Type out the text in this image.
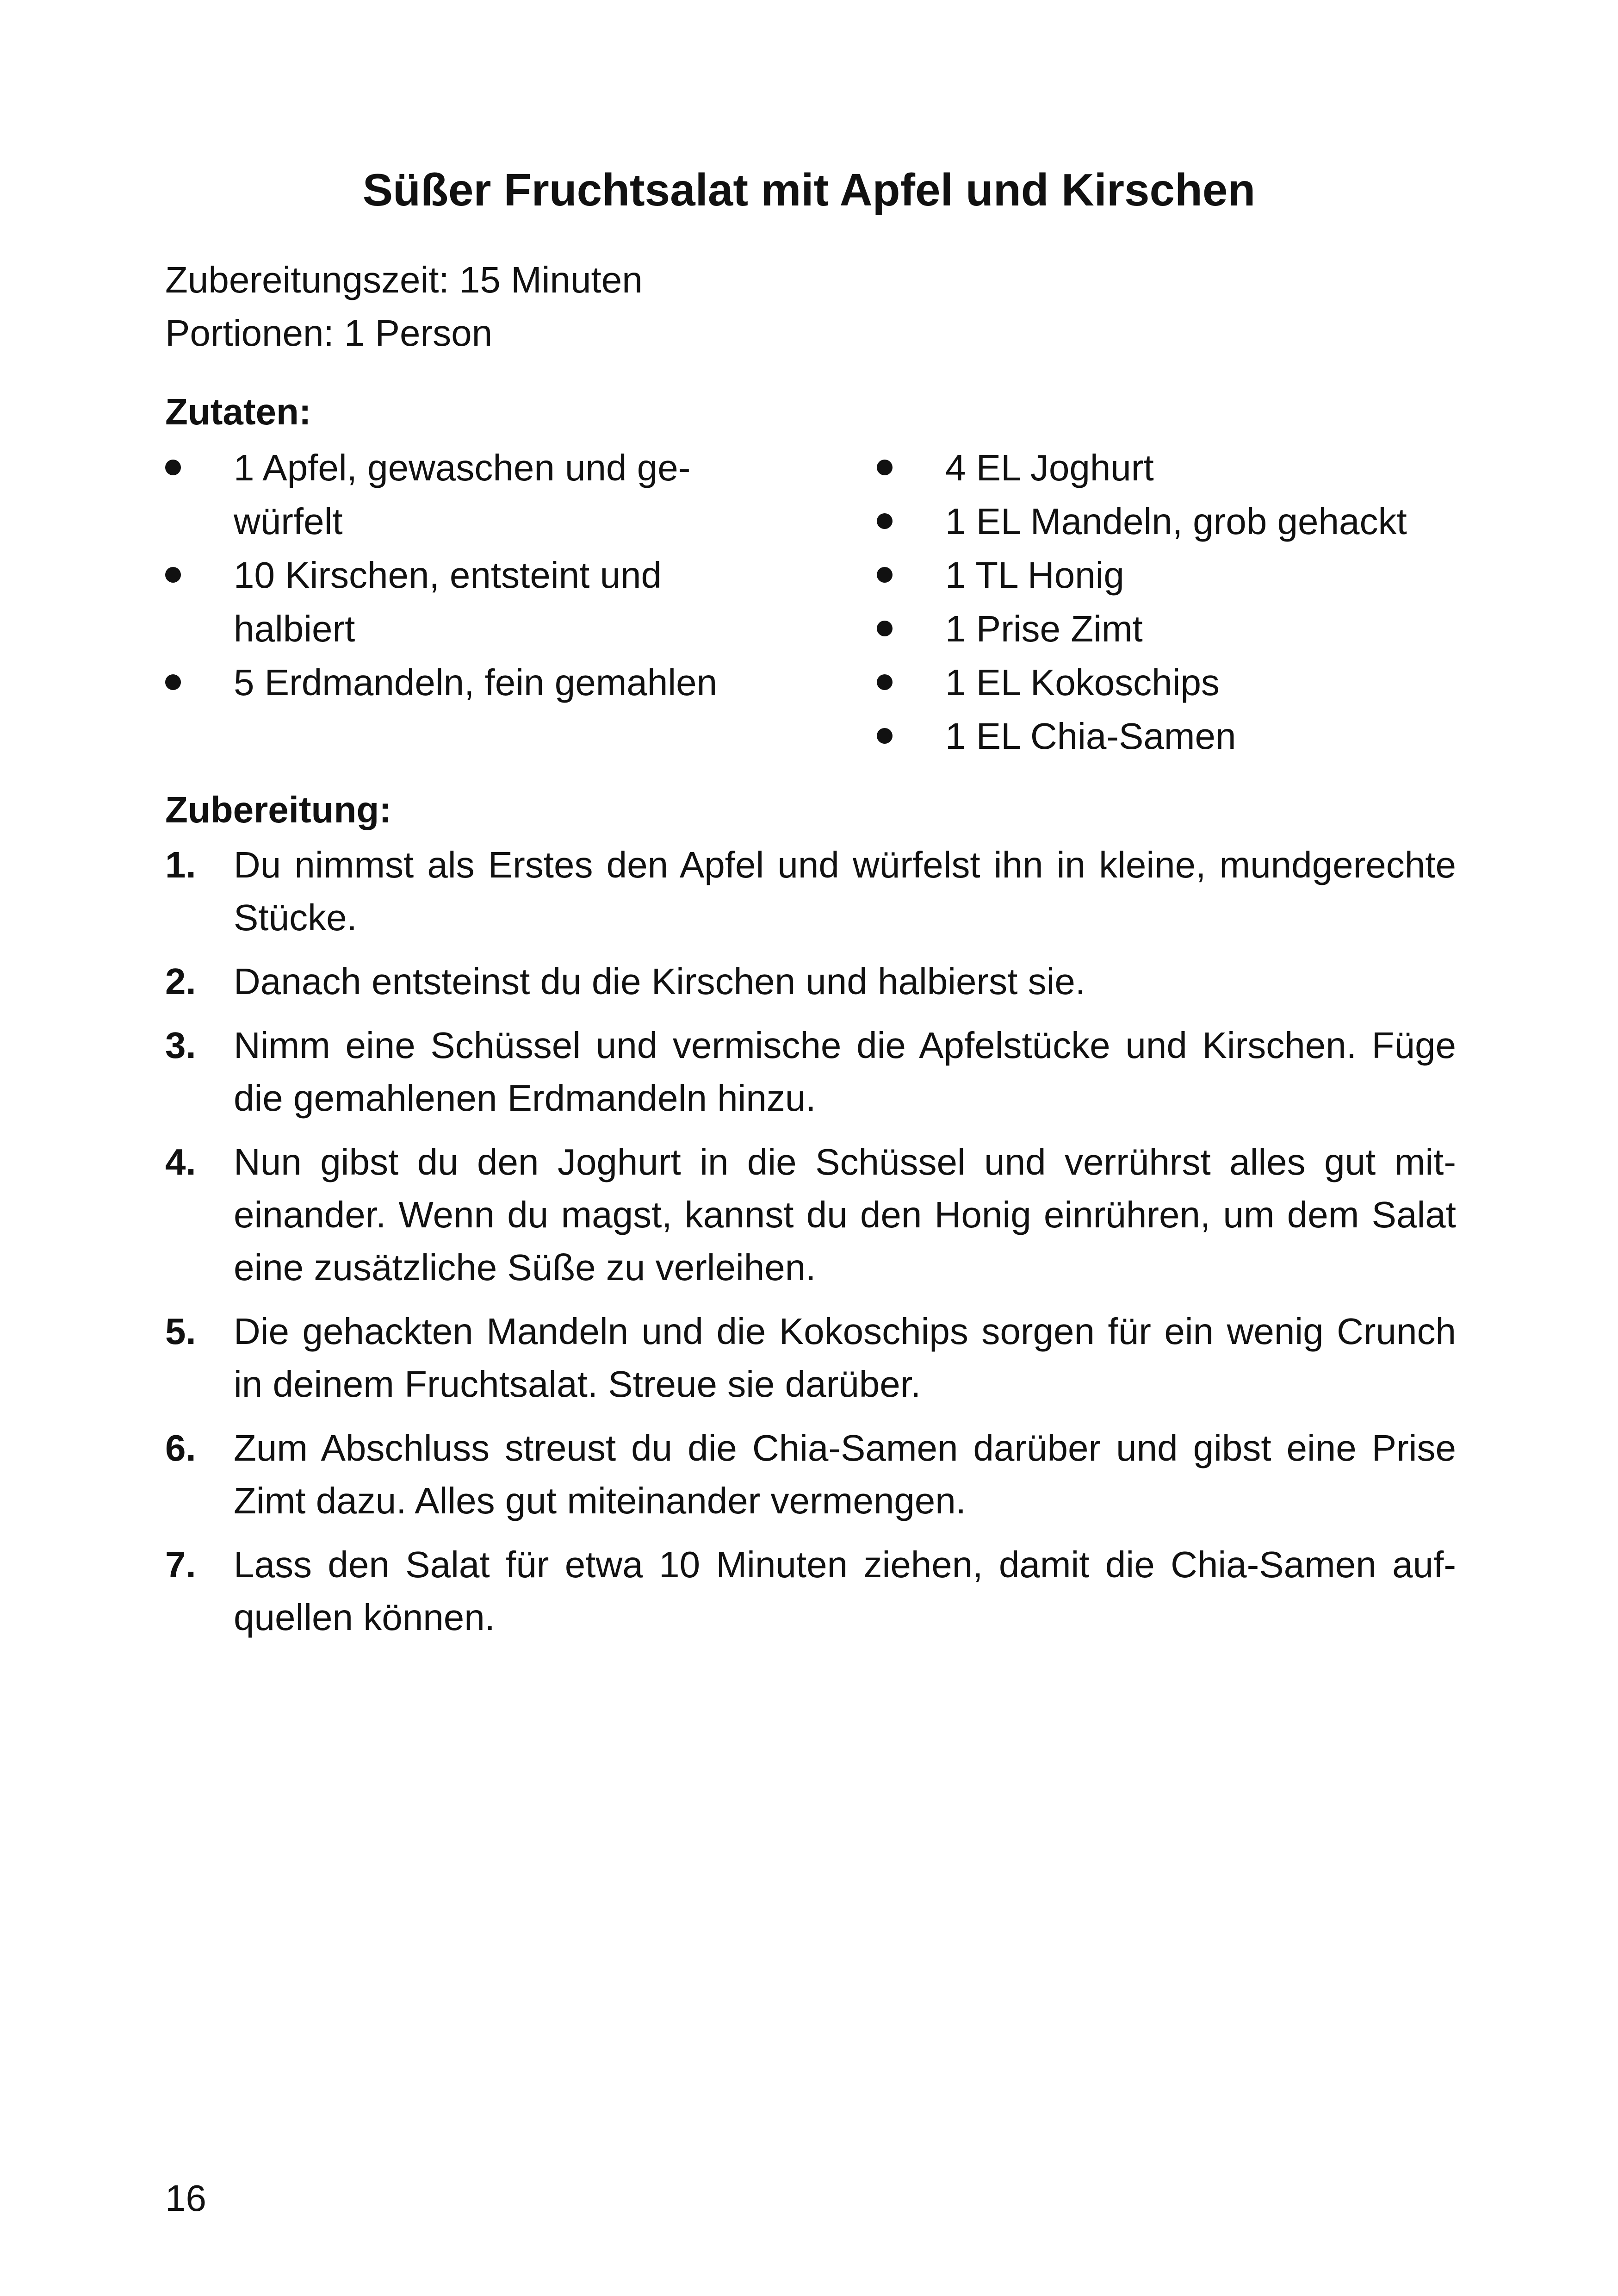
Süßer Fruchtsalat mit Apfel und Kirschen

Zubereitungszeit: 15 Minuten

Portionen: 1 Person

Zutaten:
1 Apfel, gewaschen und gewürfelt
10 Kirschen, entsteint und halbiert
5 Erdmandeln, fein gemahlen
4 EL Joghurt
1 EL Mandeln, grob gehackt
1 TL Honig
1 Prise Zimt
1 EL Kokoschips
1 EL Chia-Samen
Zubereitung:
1. Du nimmst als Erstes den Apfel und würfelst ihn in kleine, mundgerechte Stücke.
2. Danach entsteinst du die Kirschen und halbierst sie.
3. Nimm eine Schüssel und vermische die Apfelstücke und Kirschen. Füge die gemahlenen Erdmandeln hinzu.
4. Nun gibst du den Joghurt in die Schüssel und verrührst alles gut miteinander. Wenn du magst, kannst du den Honig einrühren, um dem Salat eine zusätzliche Süße zu verleihen.
5. Die gehackten Mandeln und die Kokoschips sorgen für ein wenig Crunch in deinem Fruchtsalat. Streue sie darüber.
6. Zum Abschluss streust du die Chia-Samen darüber und gibst eine Prise Zimt dazu. Alles gut miteinander vermengen.
7. Lass den Salat für etwa 10 Minuten ziehen, damit die Chia-Samen aufquellen können.

16
